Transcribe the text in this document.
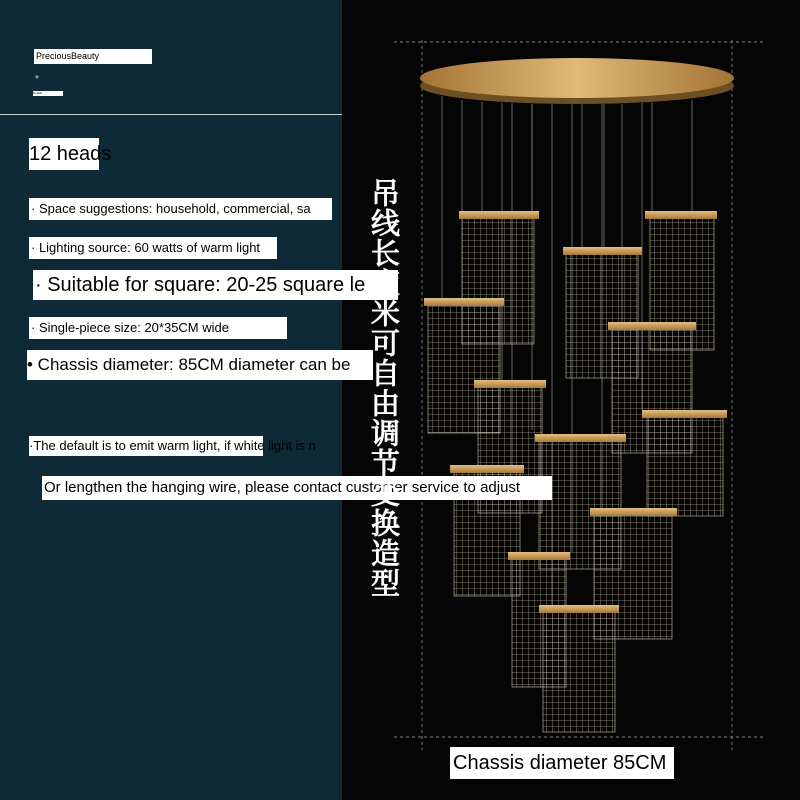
PreciousBeauty
*
Details
12 heads
· Space suggestions: household, commercial, sa
· Lighting source: 60 watts of warm light
· Suitable for square: 20-25 square le
· Single-piece size: 20*35CM wide
• Chassis diameter: 85CM diameter can be
·The default is to emit warm light, if white light is n
Or lengthen the hanging wire, please contact customer service to adjust
吊线长度米可自由调节变换造型
Chassis diameter 85CM
